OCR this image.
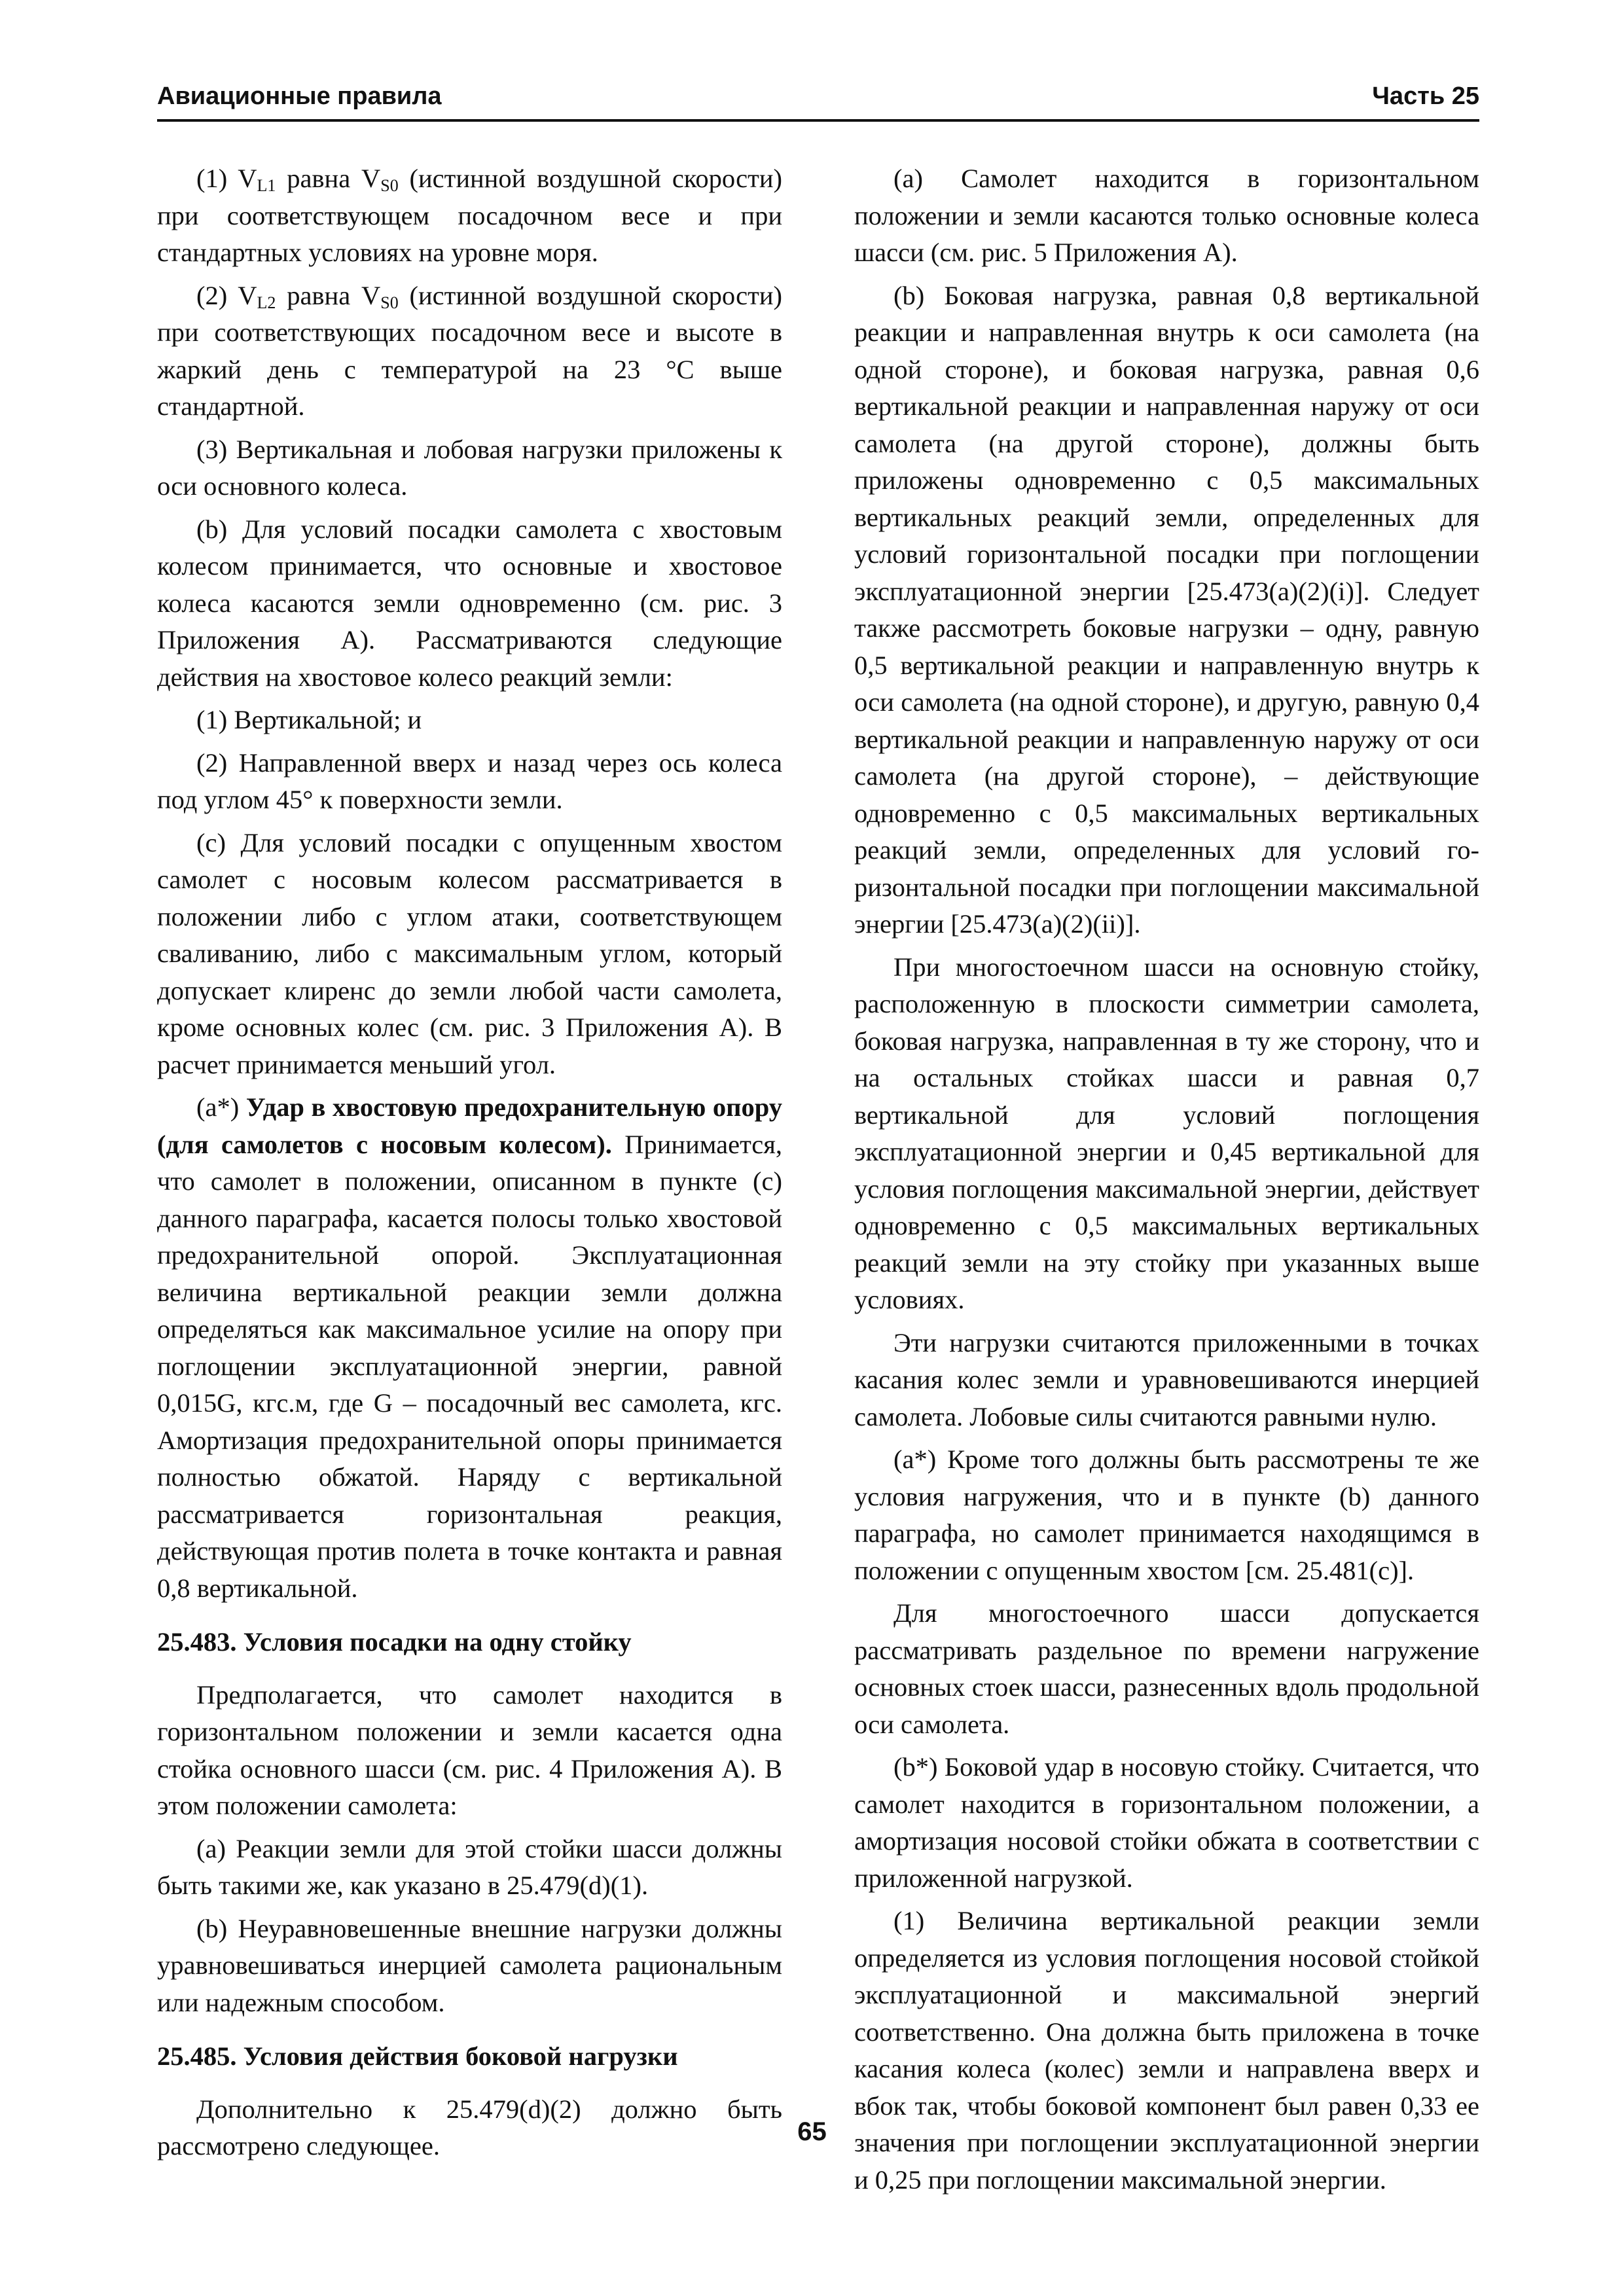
Авиационные правила	Часть 25

(1) $V_{L1}$ равна $V_{S0}$ (истинной воздушной скорости) при соответствующем посадочном весе и при стандартных условиях на уровне моря.

(2) $V_{L2}$ равна $V_{S0}$ (истинной воздушной скорости) при соответствующих посадочном весе и высоте в жаркий день с температурой на 23 °С выше стандартной.

(3) Вертикальная и лобовая нагрузки приложены к оси основного колеса.

(b) Для условий посадки самолета с хвостовым колесом принимается, что основные и хвостовое колеса касаются земли одновременно (см. рис. 3 Приложения А). Рассматриваются следующие действия на хвостовое колесо реакций земли:

(1) Вертикальной; и

(2) Направленной вверх и назад через ось колеса под углом 45° к поверхности земли.

(c) Для условий посадки с опущенным хвостом самолет с носовым колесом рассматривается в положении либо с углом атаки, соответствующем сваливанию, либо с максимальным углом, который допускает клиренс до земли любой части самолета, кроме основных колес (см. рис. 3 Приложения А). В расчет принимается меньший угол.

(a*) Удар в хвостовую предохранительную опору (для самолетов с носовым колесом). Принимается, что самолет в положении, описанном в пункте (с) данного параграфа, касается полосы только хвостовой предохранительной опорой. Эксплуатационная величина вертикальной реакции земли должна определяться как максимальное усилие на опору при поглощении эксплуатационной энергии, равной 0,015G, кгс.м, где G – посадочный вес самолета, кгс. Амортизация предохранительной опоры принимается полностью обжатой. Наряду с вертикальной рассматривается горизонтальная реакция, действующая против полета в точке контакта и равная 0,8 вертикальной.

25.483. Условия посадки на одну стойку

Предполагается, что самолет находится в горизонтальном положении и земли касается одна стойка основного шасси (см. рис. 4 Приложения А). В этом положении самолета:

(a) Реакции земли для этой стойки шасси должны быть такими же, как указано в 25.479(d)(1).

(b) Неуравновешенные внешние нагрузки должны уравновешиваться инерцией самолета рациональным или надежным способом.

25.485. Условия действия боковой нагрузки

Дополнительно к 25.479(d)(2) должно быть рассмотрено следующее.

(a) Самолет находится в горизонтальном положении и земли касаются только основные колеса шасси (см. рис. 5 Приложения А).

(b) Боковая нагрузка, равная 0,8 вертикальной реакции и направленная внутрь к оси самолета (на одной стороне), и боковая нагрузка, равная 0,6 вертикальной реакции и направленная наружу от оси самолета (на другой стороне), должны быть приложены одновременно с 0,5 максимальных вертикальных реакций земли, определенных для условий горизонтальной посадки при поглощении эксплуатационной энергии [25.473(a)(2)(i)]. Следует также рассмотреть боковые нагрузки – одну, равную 0,5 вертикальной реакции и направленную внутрь к оси самолета (на одной стороне), и другую, равную 0,4 вертикальной реакции и направленную наружу от оси самолета (на другой стороне), – действующие одновременно с 0,5 максимальных вертикальных реакций земли, определенных для условий го-ризонтальной посадки при поглощении максимальной энергии [25.473(a)(2)(ii)].

При многостоечном шасси на основную стойку, расположенную в плоскости симметрии самолета, боковая нагрузка, направленная в ту же сторону, что и на остальных стойках шасси и равная 0,7 вертикальной для условий поглощения эксплуатационной энергии и 0,45 вертикальной для условия поглощения максимальной энергии, действует одновременно с 0,5 максимальных вертикальных реакций земли на эту стойку при указанных выше условиях.

Эти нагрузки считаются приложенными в точках касания колес земли и уравновешиваются инерцией самолета. Лобовые силы считаются равными нулю.

(a*) Кроме того должны быть рассмотрены те же условия нагружения, что и в пункте (b) данного параграфа, но самолет принимается находящимся в положении с опущенным хвостом [см. 25.481(c)].

Для многостоечного шасси допускается рассматривать раздельное по времени нагружение основных стоек шасси, разнесенных вдоль продольной оси самолета.

(b*) Боковой удар в носовую стойку. Считается, что самолет находится в горизонтальном положении, а амортизация носовой стойки обжата в соответствии с приложенной нагрузкой.

(1) Величина вертикальной реакции земли определяется из условия поглощения носовой стойкой эксплуатационной и максимальной энергий соответственно. Она должна быть приложена в точке касания колеса (колес) земли и направлена вверх и вбок так, чтобы боковой компонент был равен 0,33 ее значения при поглощении эксплуатационной энергии и 0,25 при поглощении максимальной энергии.

65
